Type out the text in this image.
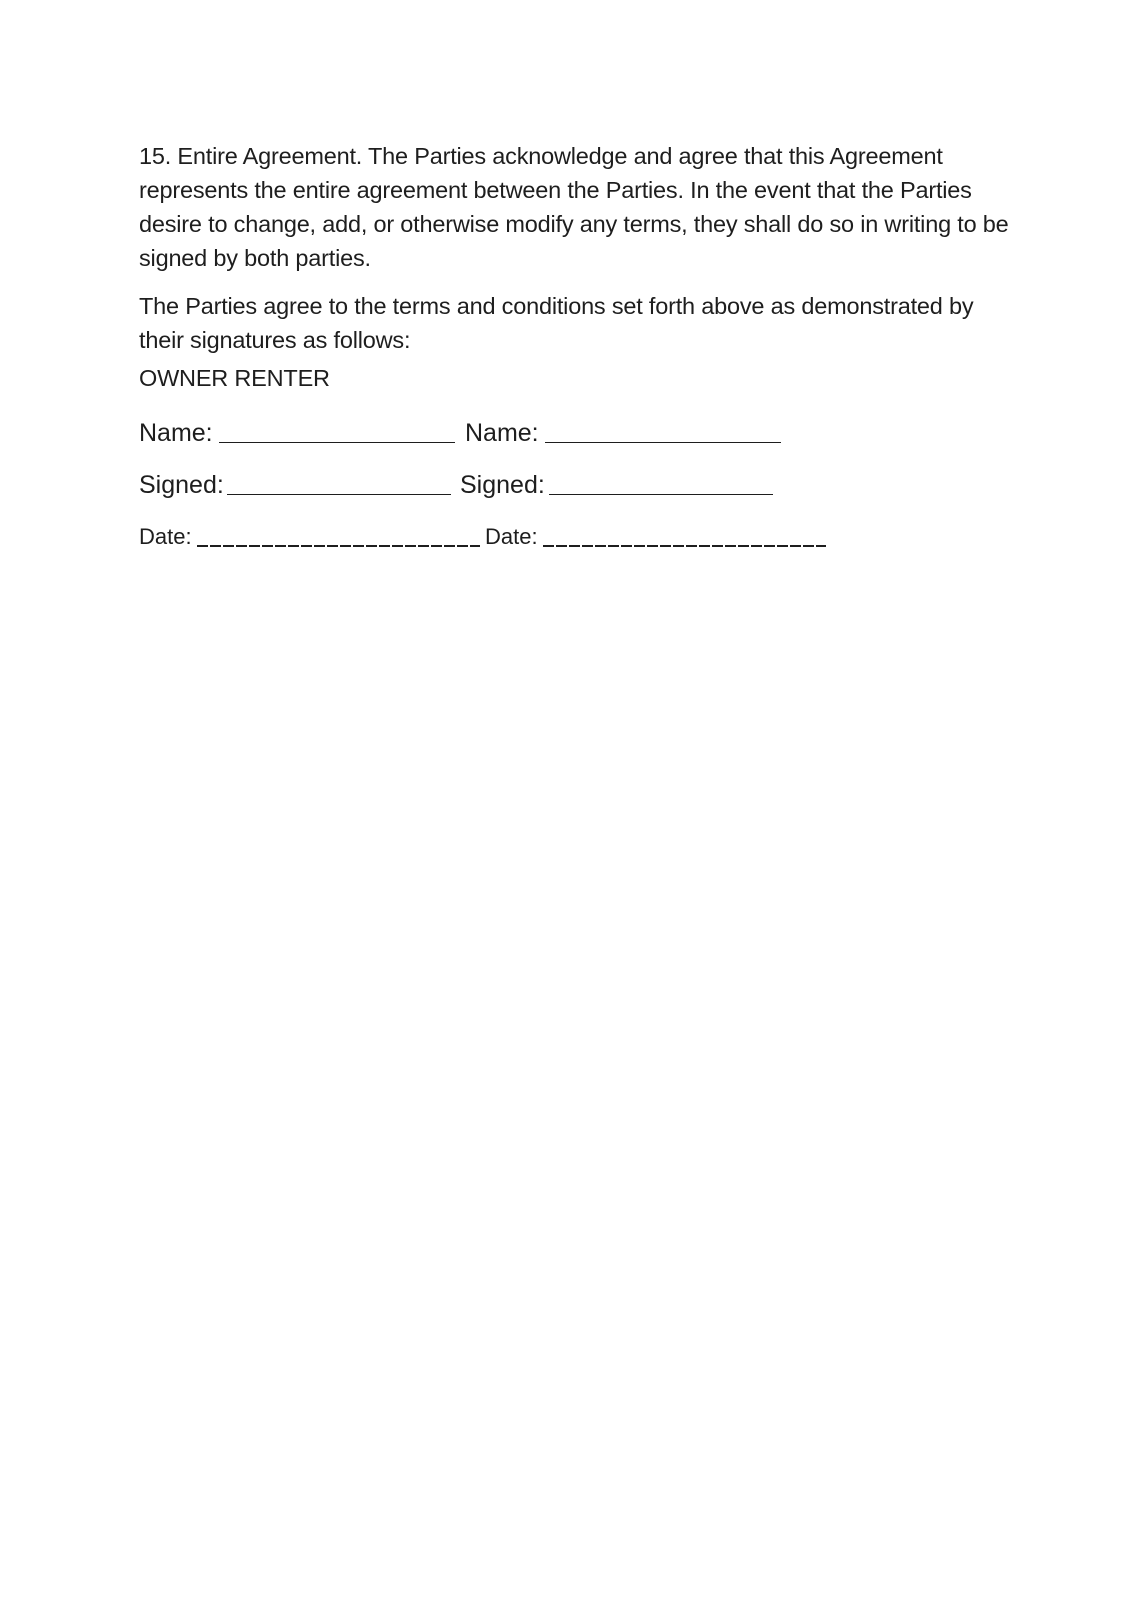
15. Entire Agreement. The Parties acknowledge and agree that this Agreement represents the entire agreement between the Parties. In the event that the Parties desire to change, add, or otherwise modify any terms, they shall do so in writing to be signed by both parties.

The Parties agree to the terms and conditions set forth above as demonstrated by their signatures as follows:

OWNER RENTER

Name:	Name:
Signed:	Signed:
Date:	Date:
